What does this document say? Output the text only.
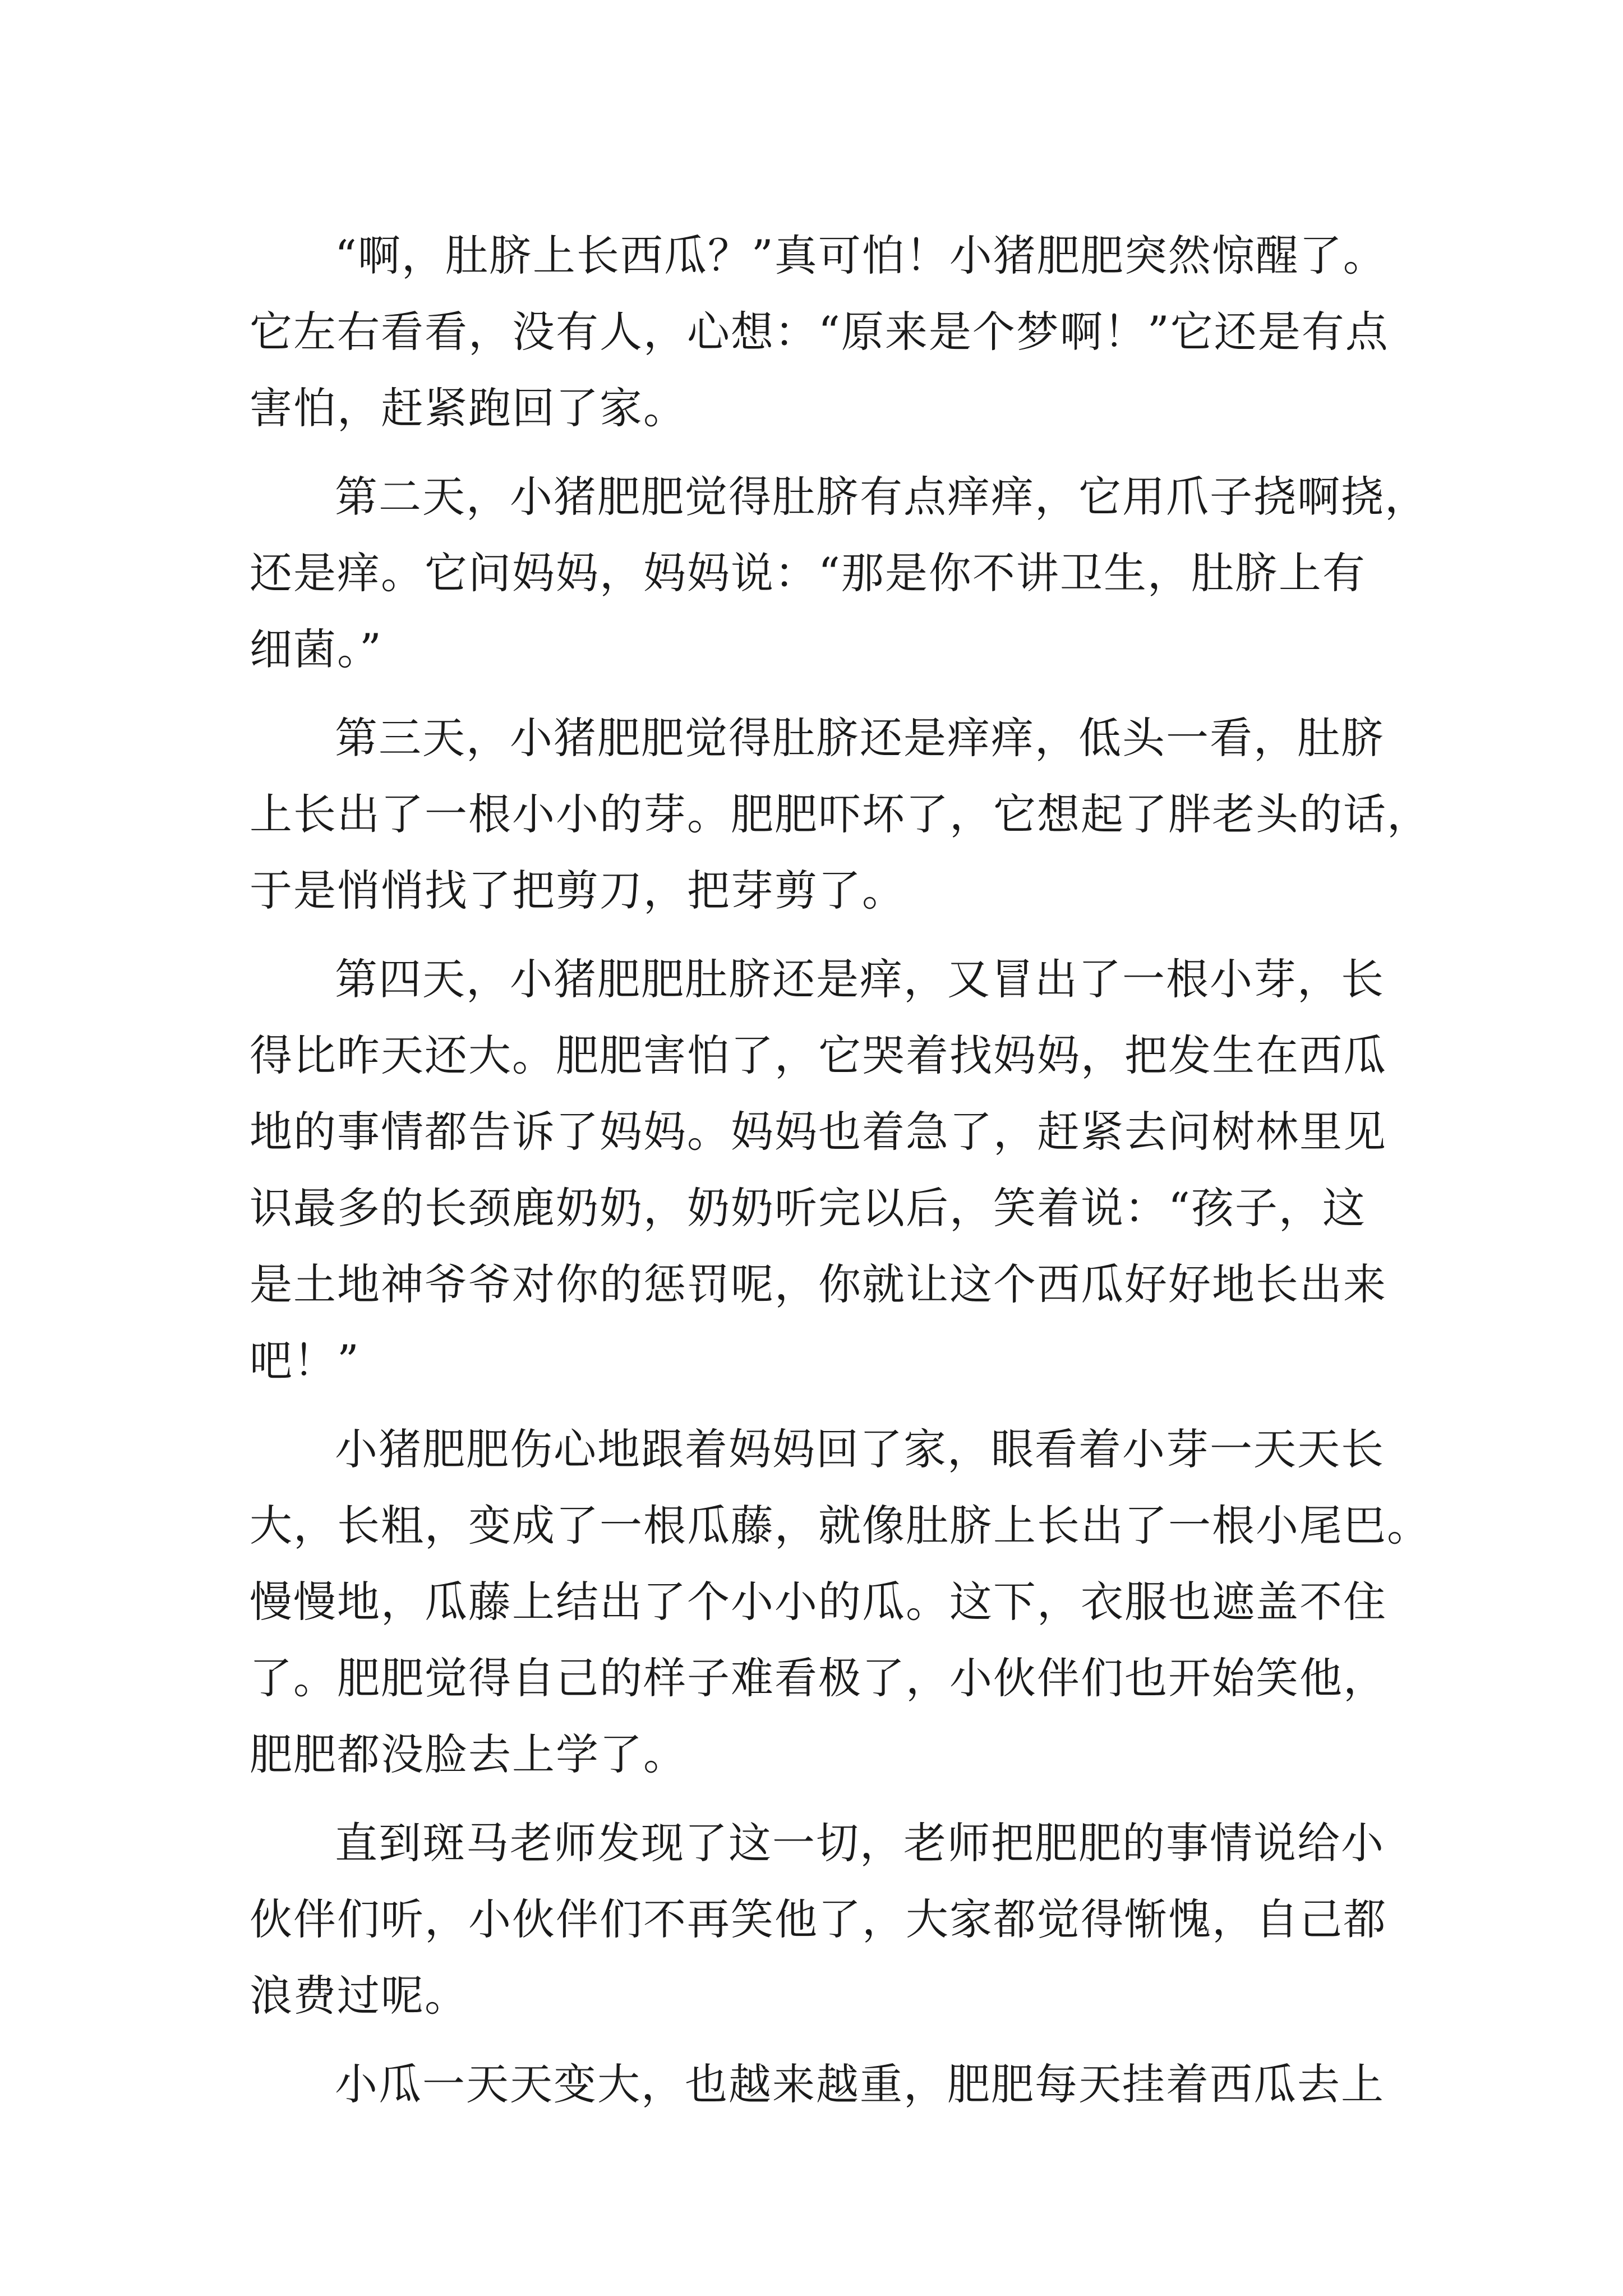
“啊，肚脐上长西瓜？”真可怕！小猪肥肥突然惊醒了。
它左右看看，没有人，心想：“原来是个梦啊！”它还是有点
害怕，赶紧跑回了家。
第二天，小猪肥肥觉得肚脐有点痒痒，它用爪子挠啊挠，
还是痒。它问妈妈，妈妈说：“那是你不讲卫生，肚脐上有
细菌。”
第三天，小猪肥肥觉得肚脐还是痒痒，低头一看，肚脐
上长出了一根小小的芽。肥肥吓坏了，它想起了胖老头的话，
于是悄悄找了把剪刀，把芽剪了。
第四天，小猪肥肥肚脐还是痒，又冒出了一根小芽，长
得比昨天还大。肥肥害怕了，它哭着找妈妈，把发生在西瓜
地的事情都告诉了妈妈。妈妈也着急了，赶紧去问树林里见
识最多的长颈鹿奶奶，奶奶听完以后，笑着说：“孩子，这
是土地神爷爷对你的惩罚呢，你就让这个西瓜好好地长出来
吧！”
小猪肥肥伤心地跟着妈妈回了家，眼看着小芽一天天长
大，长粗，变成了一根瓜藤，就像肚脐上长出了一根小尾巴。
慢慢地，瓜藤上结出了个小小的瓜。这下，衣服也遮盖不住
了。肥肥觉得自己的样子难看极了，小伙伴们也开始笑他，
肥肥都没脸去上学了。
直到斑马老师发现了这一切，老师把肥肥的事情说给小
伙伴们听，小伙伴们不再笑他了，大家都觉得惭愧，自己都
浪费过呢。
小瓜一天天变大，也越来越重，肥肥每天挂着西瓜去上
